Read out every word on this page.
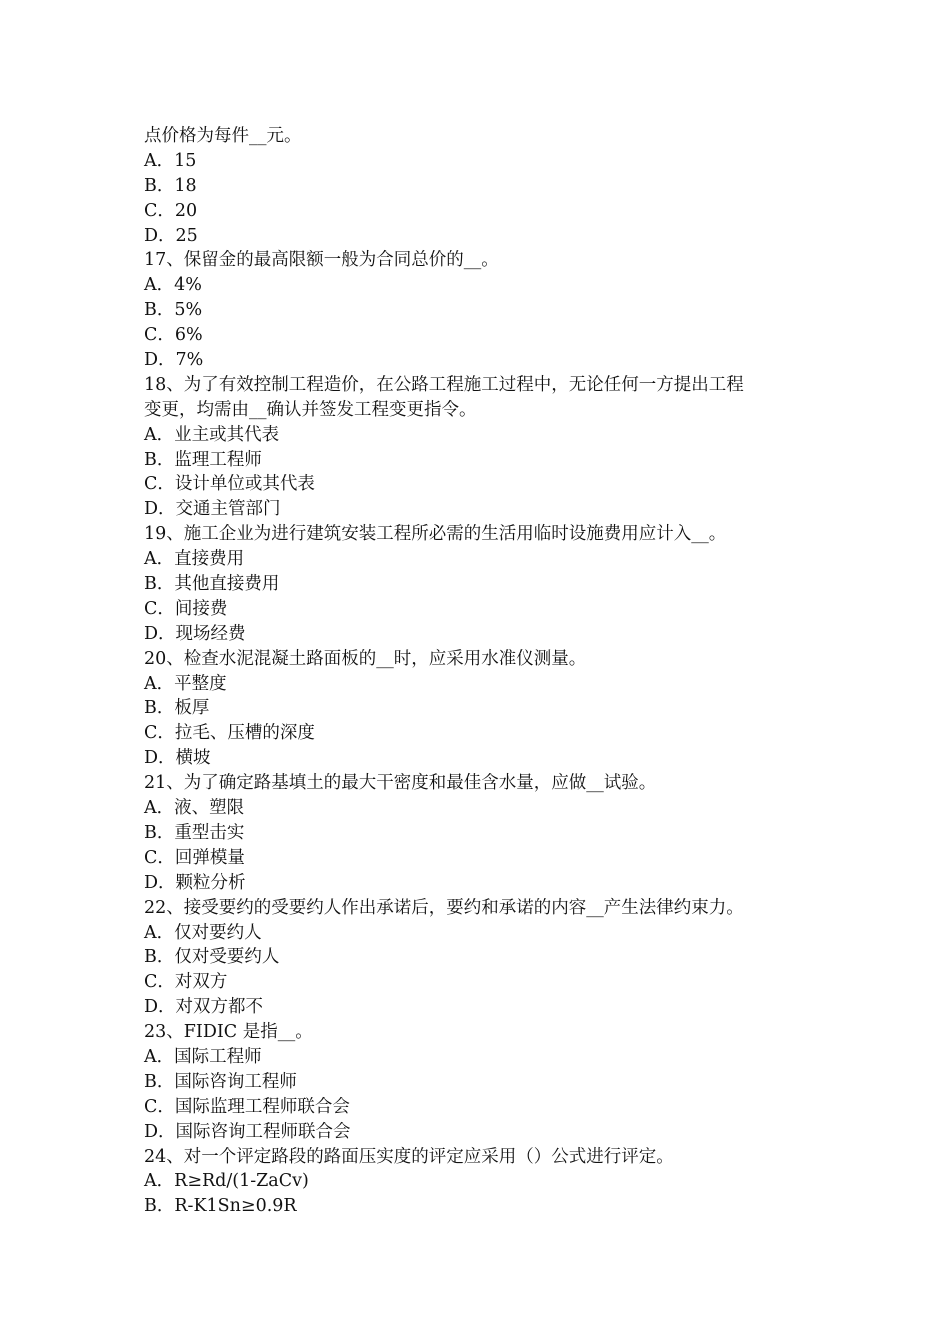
点价格为每件__元。
A．15
B．18
C．20
D．25
17、保留金的最高限额一般为合同总价的__。
A．4%
B．5%
C．6%
D．7%
18、为了有效控制工程造价，在公路工程施工过程中，无论任何一方提出工程
变更，均需由__确认并签发工程变更指令。
A．业主或其代表
B．监理工程师
C．设计单位或其代表
D．交通主管部门
19、施工企业为进行建筑安装工程所必需的生活用临时设施费用应计入__。
A．直接费用
B．其他直接费用
C．间接费
D．现场经费
20、检查水泥混凝土路面板的__时，应采用水准仪测量。
A．平整度
B．板厚
C．拉毛、压槽的深度
D．横坡
21、为了确定路基填土的最大干密度和最佳含水量，应做__试验。
A．液、塑限
B．重型击实
C．回弹模量
D．颗粒分析
22、接受要约的受要约人作出承诺后，要约和承诺的内容__产生法律约束力。
A．仅对要约人
B．仅对受要约人
C．对双方
D．对双方都不
23、FIDIC 是指__。
A．国际工程师
B．国际咨询工程师
C．国际监理工程师联合会
D．国际咨询工程师联合会
24、对一个评定路段的路面压实度的评定应采用（）公式进行评定。
A．R≥Rd/(1-ZaCv)
B．R-K1Sn≥0.9R
